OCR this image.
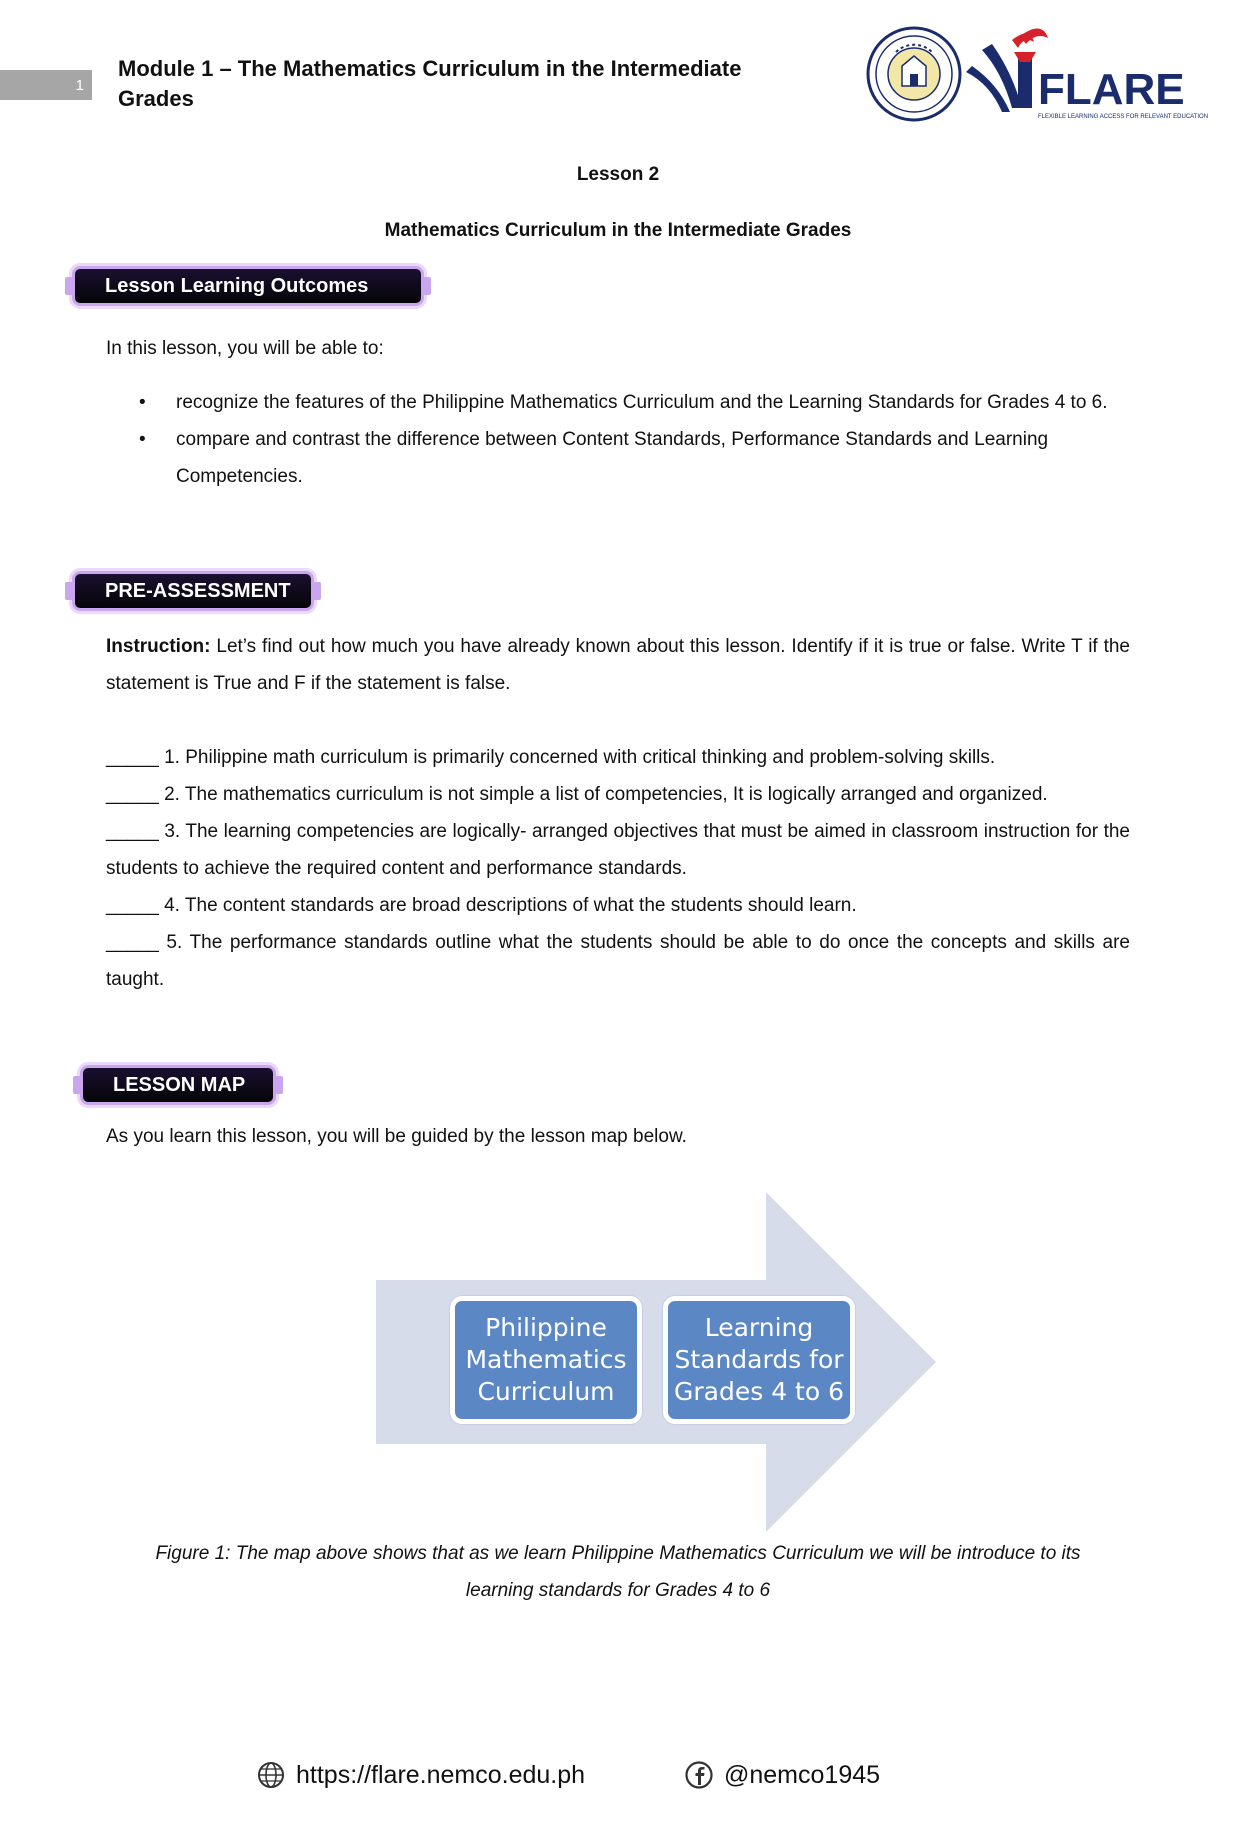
1
Module 1 – The Mathematics Curriculum in the Intermediate Grades	FLARE
FLEXIBLE LEARNING ACCESS FOR RELEVANT EDUCATION
Lesson 2
Mathematics Curriculum in the Intermediate Grades
Lesson Learning Outcomes
In this lesson, you will be able to:
• recognize the features of the Philippine Mathematics Curriculum and the Learning Standards for Grades 4 to 6.
• compare and contrast the difference between Content Standards, Performance Standards and Learning Competencies.
PRE-ASSESSMENT
Instruction: Let’s find out how much you have already known about this lesson. Identify if it is true or false. Write T if the statement is True and F if the statement is false.

_____ 1. Philippine math curriculum is primarily concerned with critical thinking and problem-solving skills.

_____ 2. The mathematics curriculum is not simple a list of competencies, It is logically arranged and organized.

_____ 3. The learning competencies are logically- arranged objectives that must be aimed in classroom instruction for the students to achieve the required content and performance standards.

_____ 4. The content standards are broad descriptions of what the students should learn.

_____ 5. The performance standards outline what the students should be able to do once the concepts and skills are taught.

LESSON MAP
As you learn this lesson, you will be guided by the lesson map below.
Philippine Mathematics Curriculum
Learning Standards for Grades 4 to 6
Figure 1: The map above shows that as we learn Philippine Mathematics Curriculum we will be introduce to its learning standards for Grades 4 to 6
https://flare.nemco.edu.ph	@nemco1945
